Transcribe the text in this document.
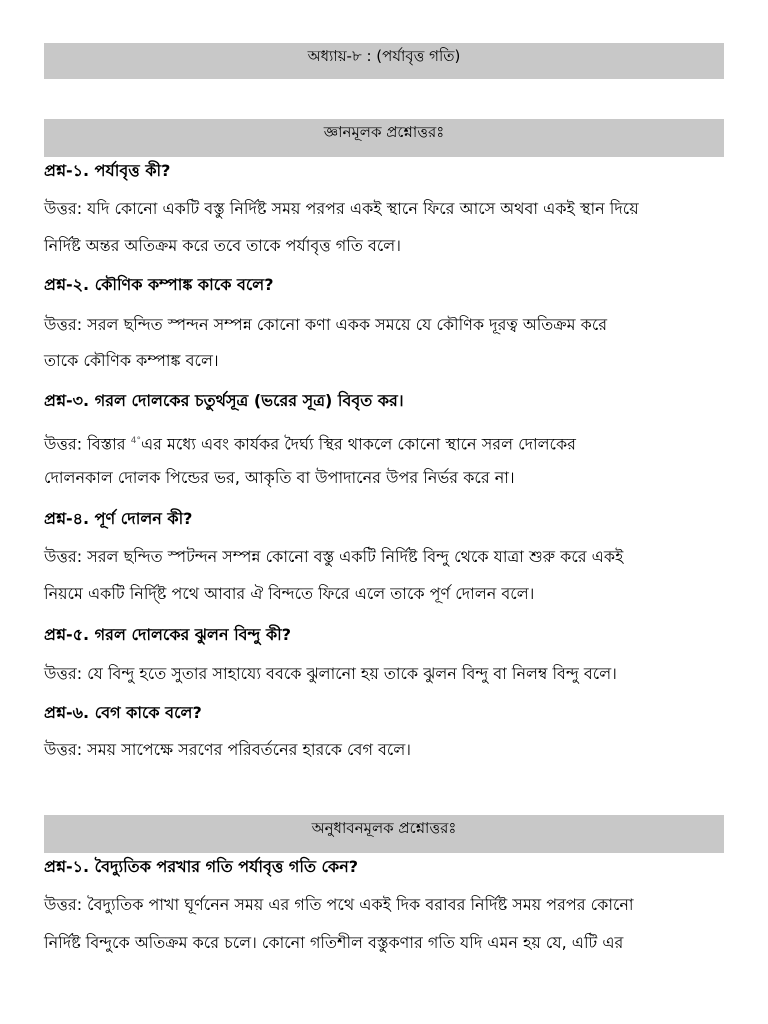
অধ্যায়-৮ : (পর্যাবৃত্ত গতি)
জ্ঞানমূলক প্রশ্নোত্তরঃ
প্রশ্ন-১. পর্যাবৃত্ত কী?
উত্তর: যদি কোনো একটি বস্তু নির্দিষ্ট সময় পরপর একই স্থানে ফিরে আসে অথবা একই স্থান দিয়ে
নির্দিষ্ট অন্তর অতিক্রম করে তবে তাকে পর্যাবৃত্ত গতি বলে।
প্রশ্ন-২. কৌণিক কম্পাঙ্ক কাকে বলে?
উত্তর: সরল ছন্দিত স্পন্দন সম্পন্ন কোনো কণা একক সময়ে যে কৌণিক দূরত্ব অতিক্রম করে
তাকে কৌণিক কম্পাঙ্ক বলে।
প্রশ্ন-৩. গরল দোলকের চতুর্থসূত্র (ভরের সূত্র) বিবৃত কর।
উত্তর: বিস্তার $^{4^\circ}$এর মধ্যে এবং কার্যকর দৈর্ঘ্য স্থির থাকলে কোনো স্থানে সরল দোলকের
দোলনকাল দোলক পিন্ডের ভর, আকৃতি বা উপাদানের উপর নির্ভর করে না।
প্রশ্ন-৪. পূর্ণ দোলন কী?
উত্তর: সরল ছন্দিত স্পটন্দন সম্পন্ন কোনো বস্তু একটি নির্দিষ্ট বিন্দু থেকে যাত্রা শুরু করে একই
নিয়মে একটি নির্দি্ষ্ট পথে আবার ঐ বিন্দতে ফিরে এলে তাকে পূর্ণ দোলন বলে।
প্রশ্ন-৫. গরল দোলকের ঝুলন বিন্দু কী?
উত্তর: যে বিন্দু হতে সুতার সাহায্যে ববকে ঝুলানো হয় তাকে ঝুলন বিন্দু বা নিলম্ব বিন্দু বলে।
প্রশ্ন-৬. বেগ কাকে বলে?
উত্তর: সময় সাপেক্ষে সরণের পরিবর্তনের হারকে বেগ বলে।
অনুধাবনমূলক প্রশ্নোত্তরঃ
প্রশ্ন-১. বৈদ্যুতিক পরখার গতি পর্যাবৃত্ত গতি কেন?
উত্তর: বৈদ্যুতিক পাখা ঘূর্ণনেন সময় এর গতি পথে একই দিক বরাবর নির্দিষ্ট সময় পরপর কোনো
নির্দিষ্ট বিন্দুকে অতিক্রম করে চলে। কোনো গতিশীল বস্তুকণার গতি যদি এমন হয় যে, এটি এর
